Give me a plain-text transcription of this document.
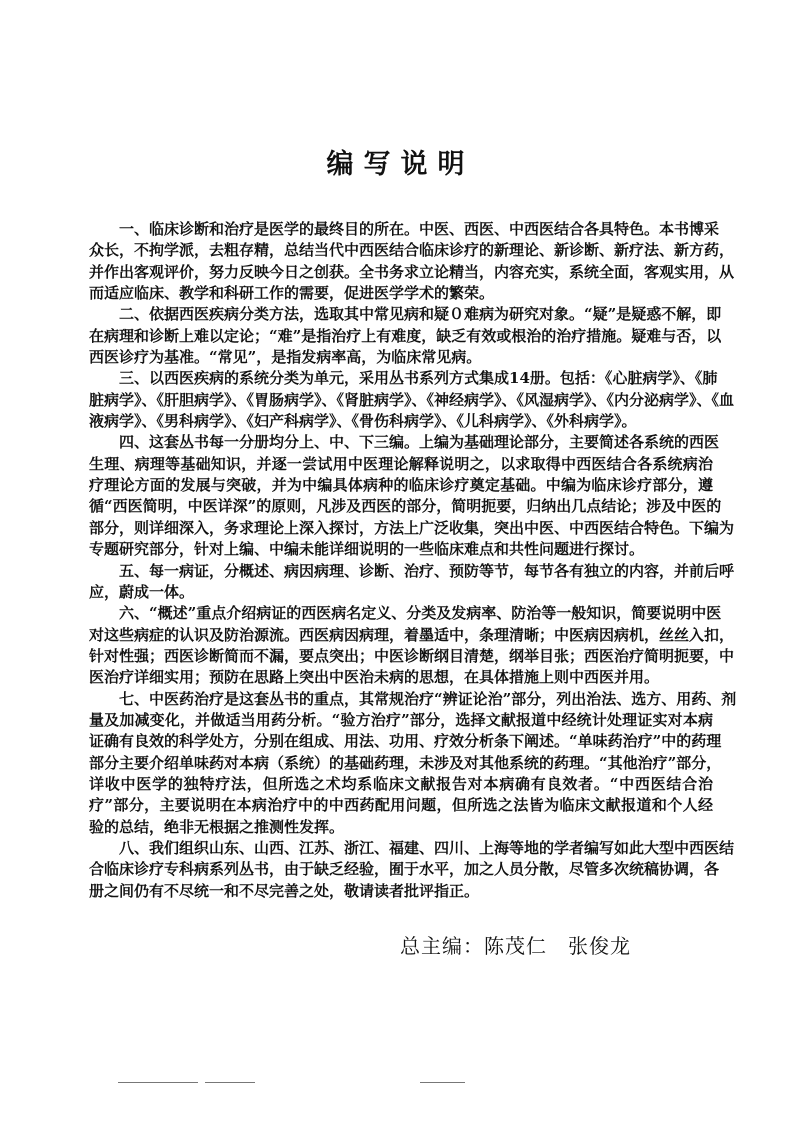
编写说明
一、临床诊断和治疗是医学的最终目的所在。中医、西医、中西医结合各具特色。本书博采
众长，不拘学派，去粗存精，总结当代中西医结合临床诊疗的新理论、新诊断、新疗法、新方药，
并作出客观评价，努力反映今日之创获。全书务求立论精当，内容充实，系统全面，客观实用，从
而适应临床、教学和科研工作的需要，促进医学学术的繁荣。
二、依据西医疾病分类方法，选取其中常见病和疑０难病为研究对象。“疑”是疑惑不解，即
在病理和诊断上难以定论；“难”是指治疗上有难度，缺乏有效或根治的治疗措施。疑难与否，以
西医诊疗为基准。“常见”，是指发病率高，为临床常见病。
三、以西医疾病的系统分类为单元，采用丛书系列方式集成14册。包括：《心脏病学》、《肺
脏病学》、《肝胆病学》、《胃肠病学》、《肾脏病学》、《神经病学》、《风湿病学》、《内分泌病学》、《血
液病学》、《男科病学》、《妇产科病学》、《骨伤科病学》、《儿科病学》、《外科病学》。
四、这套丛书每一分册均分上、中、下三编。上编为基础理论部分，主要简述各系统的西医
生理、病理等基础知识，并逐一尝试用中医理论解释说明之，以求取得中西医结合各系统病治
疗理论方面的发展与突破，并为中编具体病种的临床诊疗奠定基础。中编为临床诊疗部分，遵
循“西医简明，中医详深”的原则，凡涉及西医的部分，简明扼要，归纳出几点结论；涉及中医的
部分，则详细深入，务求理论上深入探讨，方法上广泛收集，突出中医、中西医结合特色。下编为
专题研究部分，针对上编、中编未能详细说明的一些临床难点和共性问题进行探讨。
五、每一病证，分概述、病因病理、诊断、治疗、预防等节，每节各有独立的内容，并前后呼
应，蔚成一体。
六、“概述”重点介绍病证的西医病名定义、分类及发病率、防治等一般知识，简要说明中医
对这些病症的认识及防治源流。西医病因病理，着墨适中，条理清晰；中医病因病机，丝丝入扣，
针对性强；西医诊断简而不漏，要点突出；中医诊断纲目清楚，纲举目张；西医治疗简明扼要，中
医治疗详细实用；预防在思路上突出中医治未病的思想，在具体措施上则中西医并用。
七、中医药治疗是这套丛书的重点，其常规治疗“辨证论治”部分，列出治法、选方、用药、剂
量及加减变化，并做适当用药分析。“验方治疗”部分，选择文献报道中经统计处理证实对本病
证确有良效的科学处方，分别在组成、用法、功用、疗效分析条下阐述。“单味药治疗”中的药理
部分主要介绍单味药对本病（系统）的基础药理，未涉及对其他系统的药理。“其他治疗”部分，
详收中医学的独特疗法，但所选之术均系临床文献报告对本病确有良效者。“中西医结合治
疗”部分，主要说明在本病治疗中的中西药配用问题，但所选之法皆为临床文献报道和个人经
验的总结，绝非无根据之推测性发挥。
八、我们组织山东、山西、江苏、浙江、福建、四川、上海等地的学者编写如此大型中西医结
合临床诊疗专科病系列丛书，由于缺乏经验，囿于水平，加之人员分散，尽管多次统稿协调，各
册之间仍有不尽统一和不尽完善之处，敬请读者批评指正。
总主编：陈茂仁　张俊龙
